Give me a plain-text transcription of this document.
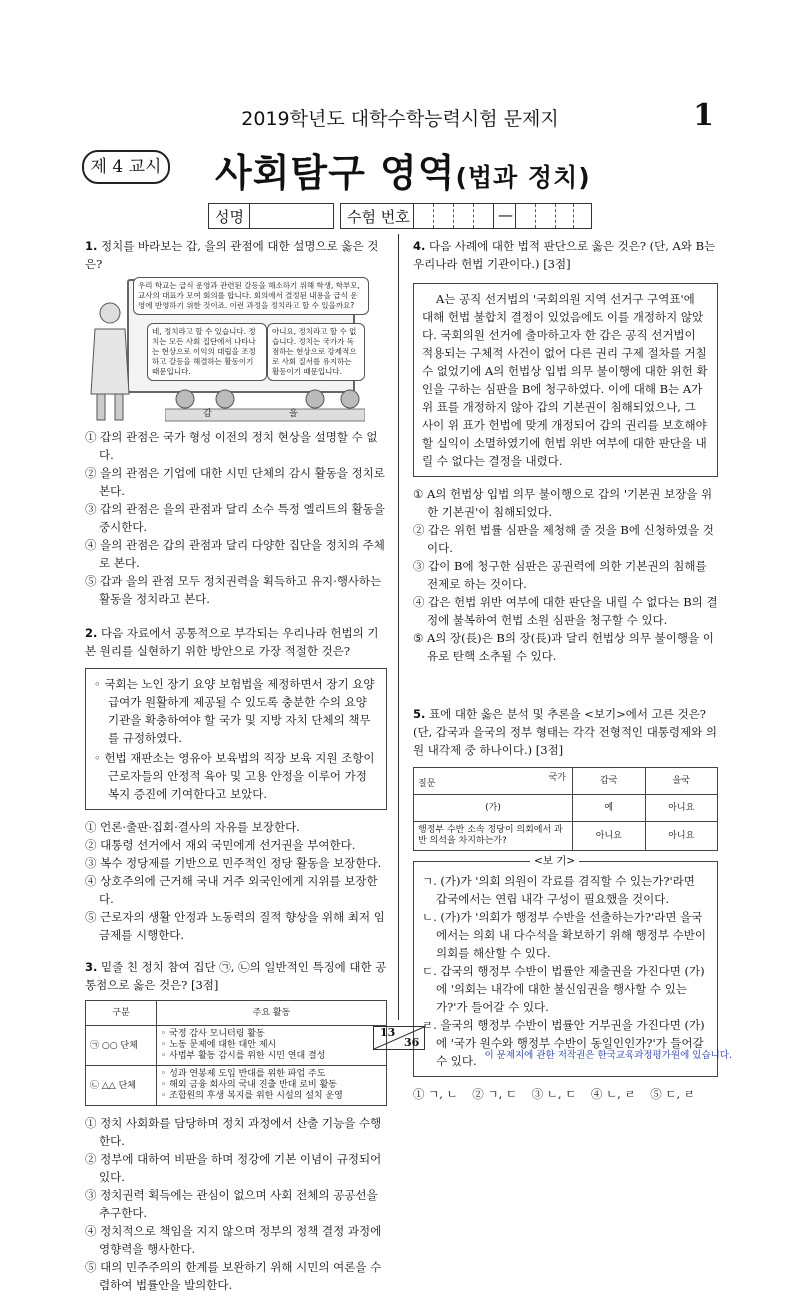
2019학년도 대학수학능력시험 문제지	1
제 4 교시 사회탐구 영역(법과 정치)
성명	수험 번호	—
1. 정치를 바라보는 갑, 을의 관점에 대한 설명으로 옳은 것은?
우리 학교는 급식 운영과 관련된 갈등을 해소하기 위해 학생, 학부모, 교사의 대표가 모여 회의를 합니다. 회의에서 결정된 내용을 급식 운영에 반영하기 위한 것이죠. 이런 과정을 정치라고 할 수 있을까요?
네, 정치라고 할 수 있습니다. 정치는 모든 사회 집단에서 나타나는 현상으로 이익의 대립을 조정하고 갈등을 해결하는 활동이기 때문입니다.
아니요, 정치라고 할 수 없습니다. 정치는 국가가 독점하는 현상으로 강제적으로 사회 질서를 유지하는 활동이기 때문입니다.
갑	을

① 갑의 관점은 국가 형성 이전의 정치 현상을 설명할 수 없다.

② 을의 관점은 기업에 대한 시민 단체의 감시 활동을 정치로 본다.

③ 갑의 관점은 을의 관점과 달리 소수 특정 엘리트의 활동을 중시한다.

④ 을의 관점은 갑의 관점과 달리 다양한 집단을 정치의 주체로 본다.

⑤ 갑과 을의 관점 모두 정치권력을 획득하고 유지·행사하는 활동을 정치라고 본다.

2. 다음 자료에서 공통적으로 부각되는 우리나라 헌법의 기본 원리를 실현하기 위한 방안으로 가장 적절한 것은?

◦ 국회는 노인 장기 요양 보험법을 제정하면서 장기 요양 급여가 원활하게 제공될 수 있도록 충분한 수의 요양 기관을 확충하여야 할 국가 및 지방 자치 단체의 책무를 규정하였다.

◦ 헌법 재판소는 영유아 보육법의 직장 보육 지원 조항이 근로자들의 안정적 육아 및 고용 안정을 이루어 가정 복지 증진에 기여한다고 보았다.

① 언론·출판·집회·결사의 자유를 보장한다.

② 대통령 선거에서 재외 국민에게 선거권을 부여한다.

③ 복수 정당제를 기반으로 민주적인 정당 활동을 보장한다.

④ 상호주의에 근거해 국내 거주 외국인에게 지위를 보장한다.

⑤ 근로자의 생활 안정과 노동력의 질적 향상을 위해 최저 임금제를 시행한다.

3. 밑줄 친 정치 참여 집단 ㉠, ㉡의 일반적인 특징에 대한 공통점으로 옳은 것은? [3점]
구분	주요 활동
㉠ ○○ 단체	◦ 국정 감사 모니터링 활동
◦ 노동 문제에 대한 대안 제시
◦ 사법부 활동 감시를 위한 시민 연대 결성

㉡ △△ 단체	◦ 성과 연봉제 도입 반대를 위한 파업 주도
◦ 해외 금융 회사의 국내 진출 반대 로비 활동
◦ 조합원의 후생 복지를 위한 시설의 설치 운영

① 정치 사회화를 담당하며 정치 과정에서 산출 기능을 수행한다.

② 정부에 대하여 비판을 하며 정강에 기본 이념이 규정되어 있다.

③ 정치권력 획득에는 관심이 없으며 사회 전체의 공공선을 추구한다.

④ 정치적으로 책임을 지지 않으며 정부의 정책 결정 과정에 영향력을 행사한다.

⑤ 대의 민주주의의 한계를 보완하기 위해 시민의 여론을 수렴하여 법률안을 발의한다.

4. 다음 사례에 대한 법적 판단으로 옳은 것은? (단, A와 B는 우리나라 헌법 기관이다.) [3점]
A는 공직 선거법의 '국회의원 지역 선거구 구역표'에 대해 헌법 불합치 결정이 있었음에도 이를 개정하지 않았다. 국회의원 선거에 출마하고자 한 갑은 공직 선거법이 적용되는 구체적 사건이 없어 다른 권리 구제 절차를 거칠 수 없었기에 A의 헌법상 입법 의무 불이행에 대한 위헌 확인을 구하는 심판을 B에 청구하였다. 이에 대해 B는 A가 위 표를 개정하지 않아 갑의 기본권이 침해되었으나, 그 사이 위 표가 헌법에 맞게 개정되어 갑의 권리를 보호해야 할 실익이 소멸하였기에 헌법 위반 여부에 대한 판단을 내릴 수 없다는 결정을 내렸다.

① A의 헌법상 입법 의무 불이행으로 갑의 '기본권 보장을 위한 기본권'이 침해되었다.

② 갑은 위헌 법률 심판을 제청해 줄 것을 B에 신청하였을 것이다.

③ 갑이 B에 청구한 심판은 공권력에 의한 기본권의 침해를 전제로 하는 것이다.

④ 갑은 헌법 위반 여부에 대한 판단을 내릴 수 없다는 B의 결정에 불복하여 헌법 소원 심판을 청구할 수 있다.

⑤ A의 장(長)은 B의 장(長)과 달리 헌법상 의무 불이행을 이유로 탄핵 소추될 수 있다.

5. 표에 대한 옳은 분석 및 추론을 <보기>에서 고른 것은? (단, 갑국과 을국의 정부 형태는 각각 전형적인 대통령제와 의원 내각제 중 하나이다.) [3점]
국가
질문	갑국	을국
(가)	예	아니요
행정부 수반 소속 정당이 의회에서 과반 의석을 차지하는가?	아니요	아니요
<보 기>

ㄱ. (가)가 '의회 의원이 각료를 겸직할 수 있는가?'라면 갑국에서는 연립 내각 구성이 필요했을 것이다.

ㄴ. (가)가 '의회가 행정부 수반을 선출하는가?'라면 을국에서는 의회 내 다수석을 확보하기 위해 행정부 수반이 의회를 해산할 수 있다.

ㄷ. 갑국의 행정부 수반이 법률안 제출권을 가진다면 (가)에 '의회는 내각에 대한 불신임권을 행사할 수 있는가?'가 들어갈 수 있다.

ㄹ. 을국의 행정부 수반이 법률안 거부권을 가진다면 (가)에 '국가 원수와 행정부 수반이 동일인인가?'가 들어갈 수 있다.

① ㄱ, ㄴ    ② ㄱ, ㄷ    ③ ㄴ, ㄷ    ④ ㄴ, ㄹ    ⑤ ㄷ, ㄹ

13
36
이 문제지에 관한 저작권은 한국교육과정평가원에 있습니다.
